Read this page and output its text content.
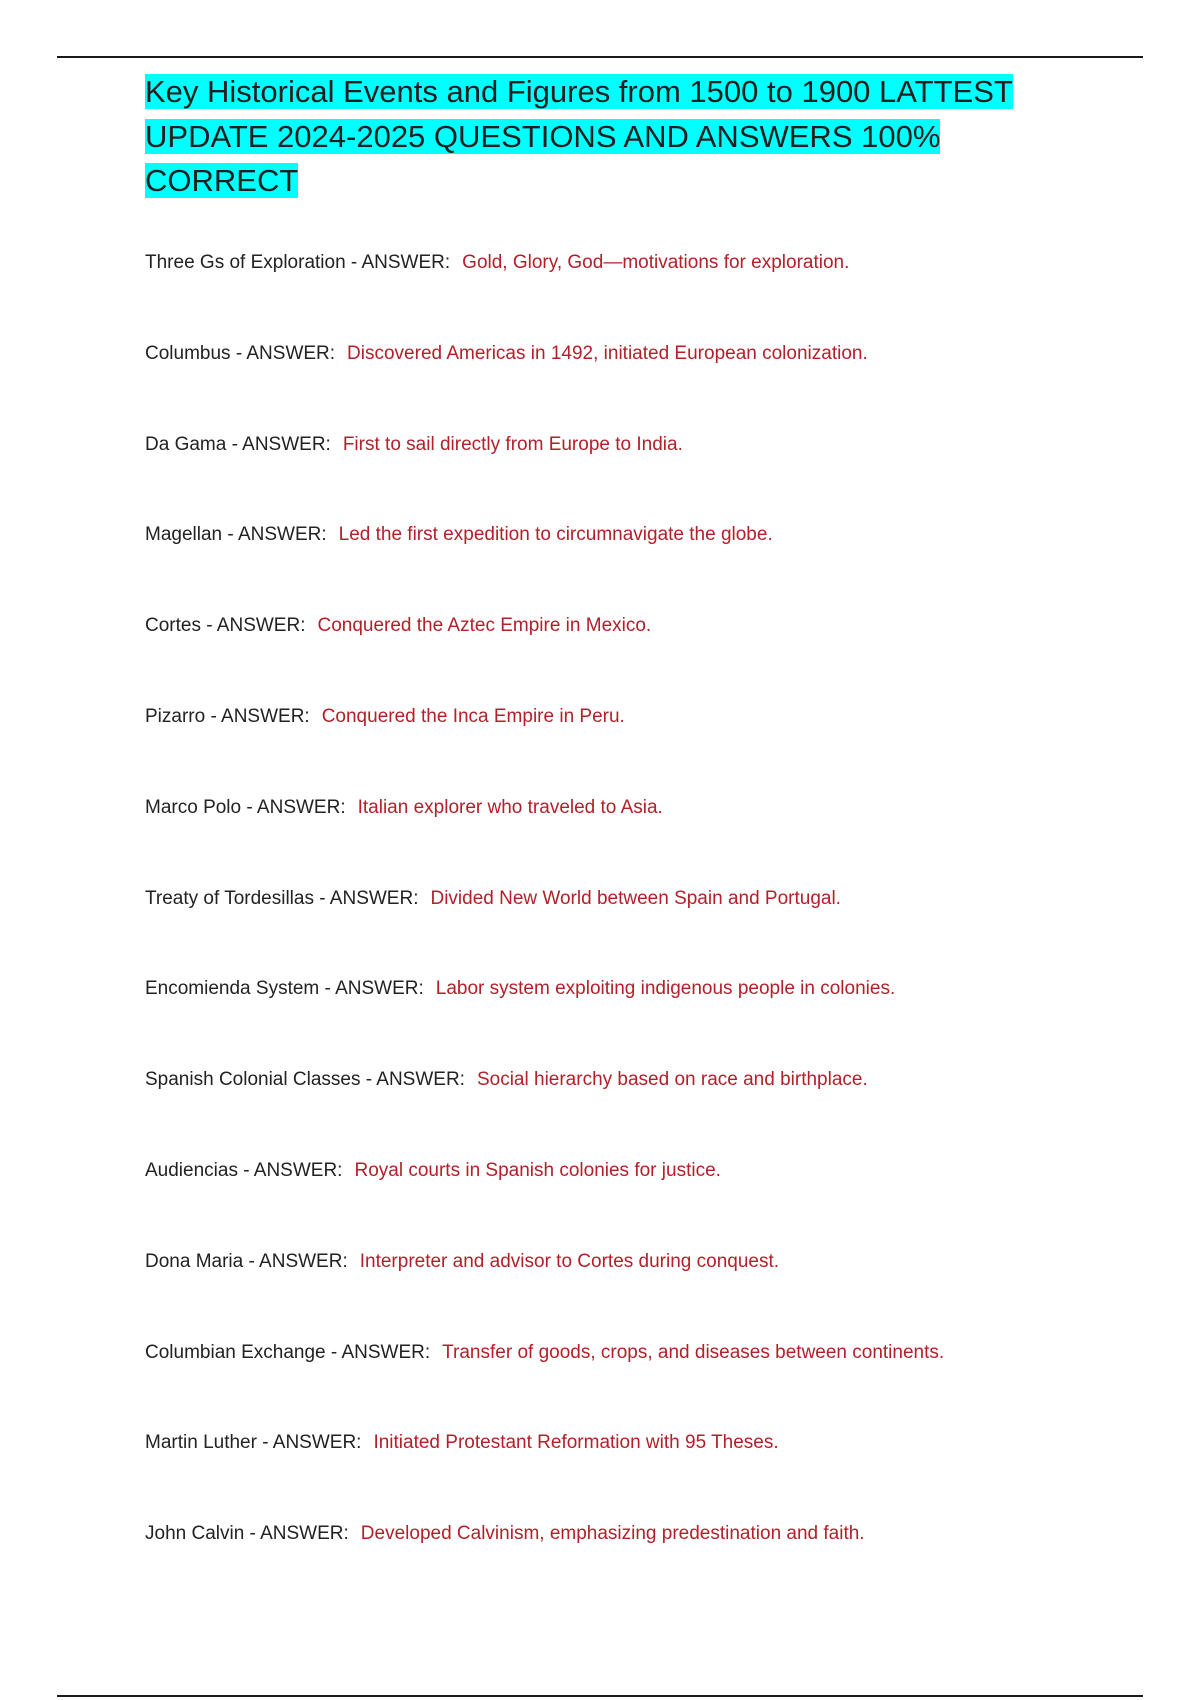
Key Historical Events and Figures from 1500 to 1900 LATTEST UPDATE 2024-2025 QUESTIONS AND ANSWERS 100% CORRECT
Three Gs of Exploration - ANSWER: Gold, Glory, God—motivations for exploration.
Columbus - ANSWER: Discovered Americas in 1492, initiated European colonization.
Da Gama - ANSWER: First to sail directly from Europe to India.
Magellan - ANSWER: Led the first expedition to circumnavigate the globe.
Cortes - ANSWER: Conquered the Aztec Empire in Mexico.
Pizarro - ANSWER: Conquered the Inca Empire in Peru.
Marco Polo - ANSWER: Italian explorer who traveled to Asia.
Treaty of Tordesillas - ANSWER: Divided New World between Spain and Portugal.
Encomienda System - ANSWER: Labor system exploiting indigenous people in colonies.
Spanish Colonial Classes - ANSWER: Social hierarchy based on race and birthplace.
Audiencias - ANSWER: Royal courts in Spanish colonies for justice.
Dona Maria - ANSWER: Interpreter and advisor to Cortes during conquest.
Columbian Exchange - ANSWER: Transfer of goods, crops, and diseases between continents.
Martin Luther - ANSWER: Initiated Protestant Reformation with 95 Theses.
John Calvin - ANSWER: Developed Calvinism, emphasizing predestination and faith.
